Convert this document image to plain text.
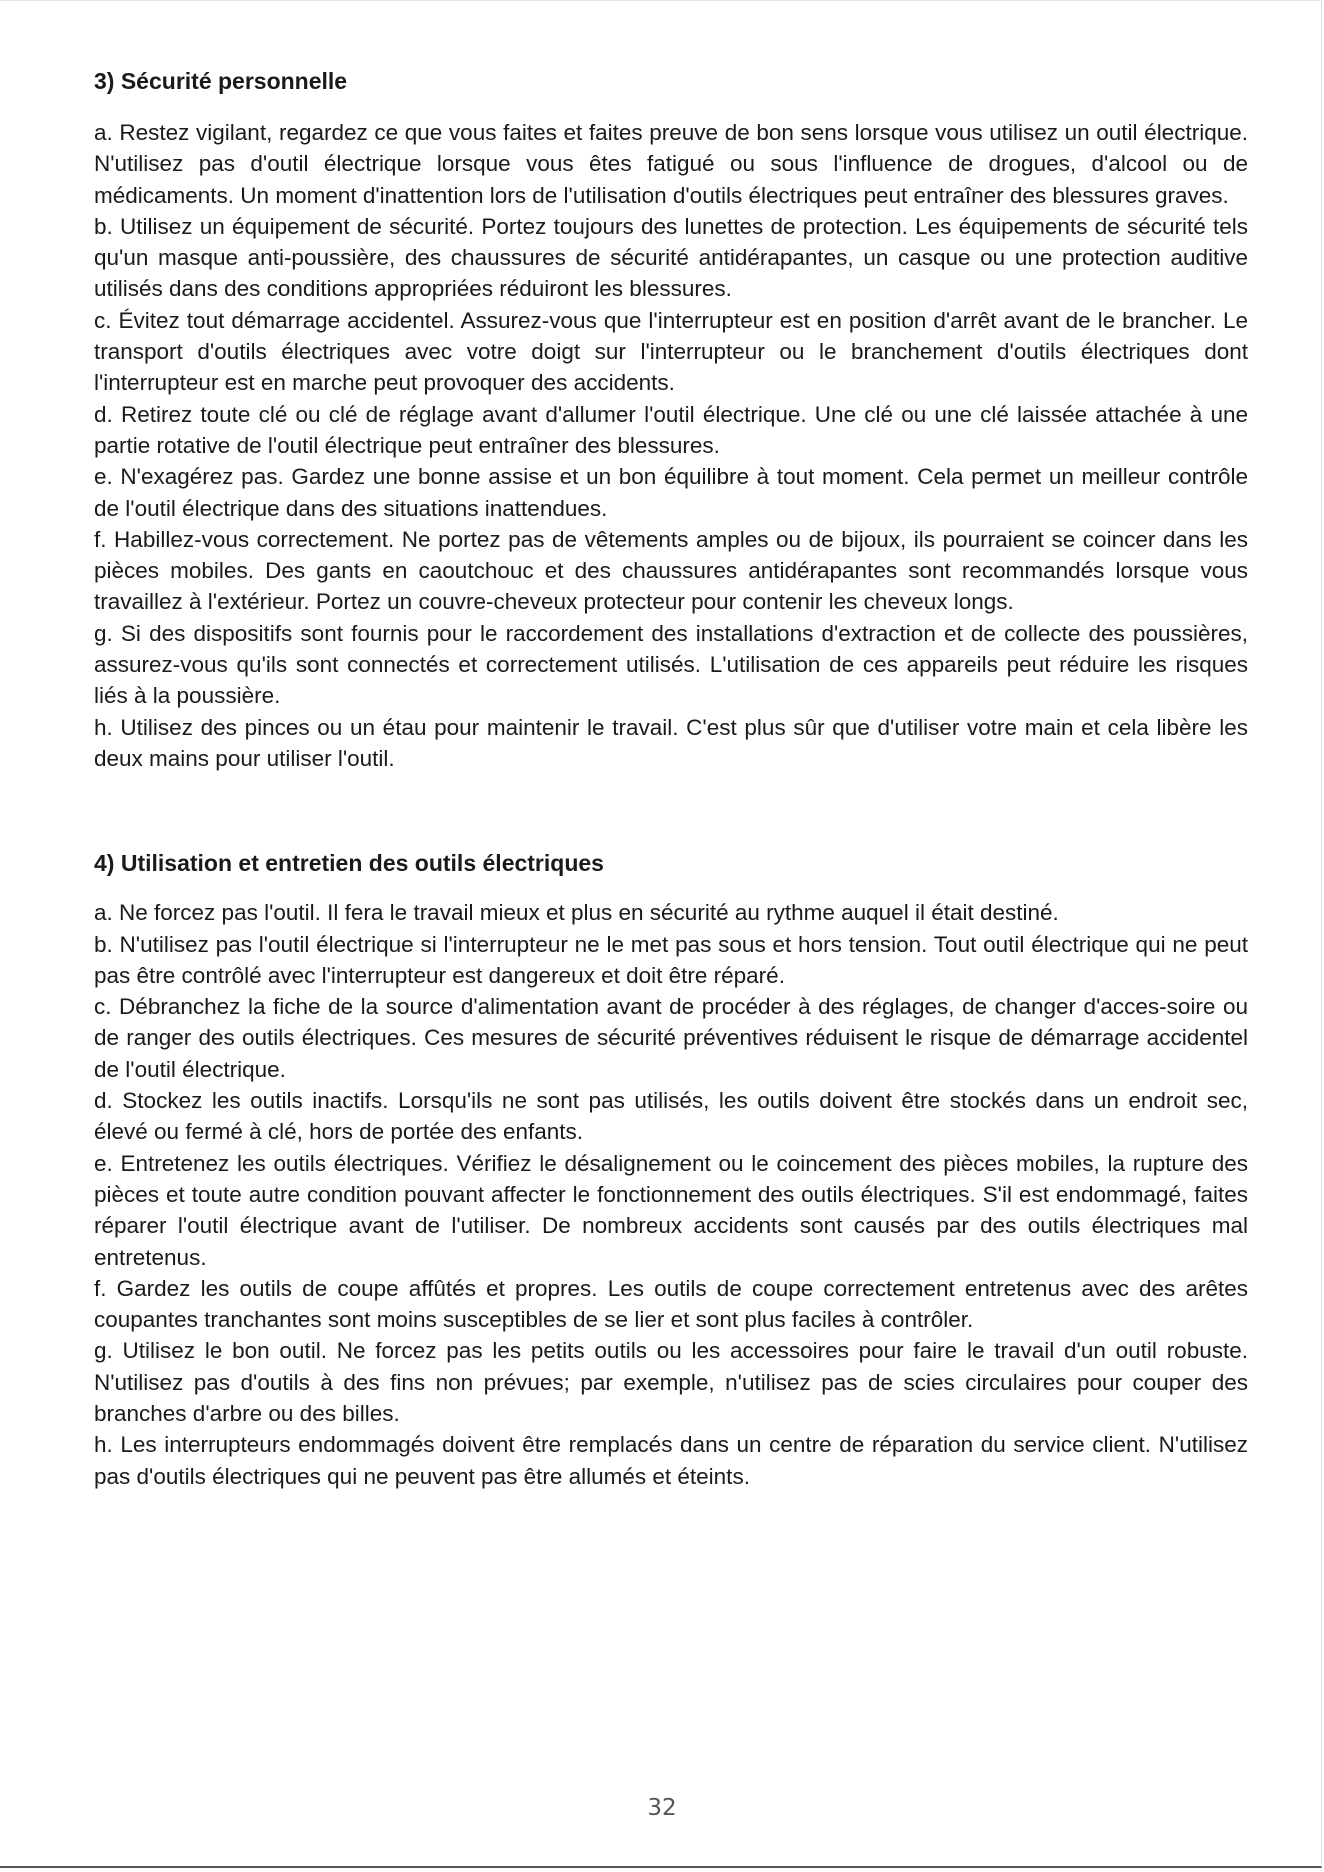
3) Sécurité personnelle

a. Restez vigilant, regardez ce que vous faites et faites preuve de bon sens lorsque vous utilisez un outil électrique. N'utilisez pas d'outil électrique lorsque vous êtes fatigué ou sous l'influence de drogues, d'alcool ou de médicaments. Un moment d'inattention lors de l'utilisation d'outils électriques peut entraîner des blessures graves.

b. Utilisez un équipement de sécurité. Portez toujours des lunettes de protection. Les équipements de sécurité tels qu'un masque anti-poussière, des chaussures de sécurité antidérapantes, un casque ou une protection auditive utilisés dans des conditions appropriées réduiront les blessures.

c. Évitez tout démarrage accidentel. Assurez-vous que l'interrupteur est en position d'arrêt avant de le brancher. Le transport d'outils électriques avec votre doigt sur l'interrupteur ou le branchement d'outils électriques dont l'interrupteur est en marche peut provoquer des accidents.

d. Retirez toute clé ou clé de réglage avant d'allumer l'outil électrique. Une clé ou une clé laissée attachée à une partie rotative de l'outil électrique peut entraîner des blessures.

e. N'exagérez pas. Gardez une bonne assise et un bon équilibre à tout moment. Cela permet un meilleur contrôle de l'outil électrique dans des situations inattendues.

f. Habillez-vous correctement. Ne portez pas de vêtements amples ou de bijoux, ils pourraient se coincer dans les pièces mobiles. Des gants en caoutchouc et des chaussures antidérapantes sont recommandés lorsque vous travaillez à l'extérieur. Portez un couvre-cheveux protecteur pour contenir les cheveux longs.

g. Si des dispositifs sont fournis pour le raccordement des installations d'extraction et de collecte des poussières, assurez-vous qu'ils sont connectés et correctement utilisés. L'utilisation de ces appareils peut réduire les risques liés à la poussière.

h. Utilisez des pinces ou un étau pour maintenir le travail. C'est plus sûr que d'utiliser votre main et cela libère les deux mains pour utiliser l'outil.

4) Utilisation et entretien des outils électriques

a. Ne forcez pas l'outil. Il fera le travail mieux et plus en sécurité au rythme auquel il était destiné.

b. N'utilisez pas l'outil électrique si l'interrupteur ne le met pas sous et hors tension. Tout outil électrique qui ne peut pas être contrôlé avec l'interrupteur est dangereux et doit être réparé.

c. Débranchez la fiche de la source d'alimentation avant de procéder à des réglages, de changer d'acces-soire ou de ranger des outils électriques. Ces mesures de sécurité préventives réduisent le risque de démarrage accidentel de l'outil électrique.

d. Stockez les outils inactifs. Lorsqu'ils ne sont pas utilisés, les outils doivent être stockés dans un endroit sec, élevé ou fermé à clé, hors de portée des enfants.

e. Entretenez les outils électriques. Vérifiez le désalignement ou le coincement des pièces mobiles, la rupture des pièces et toute autre condition pouvant affecter le fonctionnement des outils électriques. S'il est endommagé, faites réparer l'outil électrique avant de l'utiliser. De nombreux accidents sont causés par des outils électriques mal entretenus.

f. Gardez les outils de coupe affûtés et propres. Les outils de coupe correctement entretenus avec des arêtes coupantes tranchantes sont moins susceptibles de se lier et sont plus faciles à contrôler.

g. Utilisez le bon outil. Ne forcez pas les petits outils ou les accessoires pour faire le travail d'un outil robuste. N'utilisez pas d'outils à des fins non prévues; par exemple, n'utilisez pas de scies circulaires pour couper des branches d'arbre ou des billes.

h. Les interrupteurs endommagés doivent être remplacés dans un centre de réparation du service client. N'utilisez pas d'outils électriques qui ne peuvent pas être allumés et éteints.

32
